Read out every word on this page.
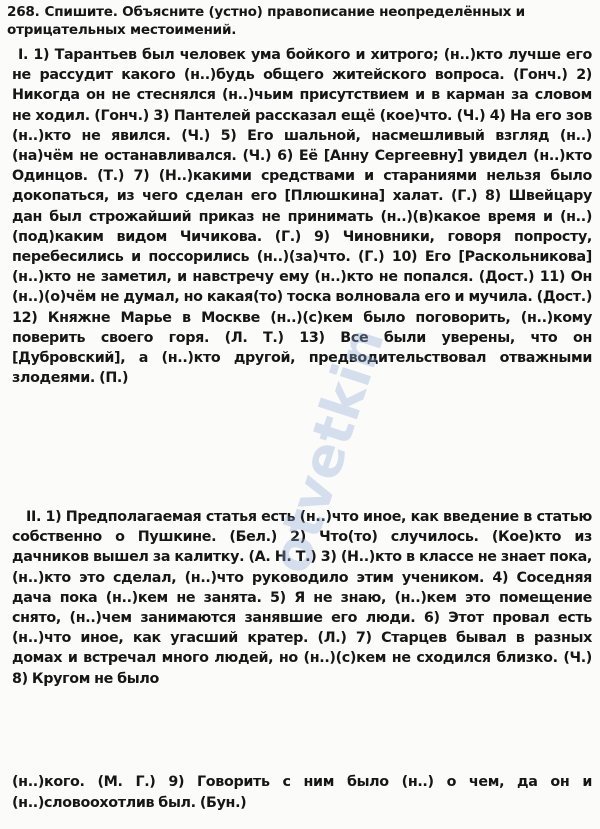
268. Спишите. Объясните (устно) правописание неопределённых и отрицательных местоимений.
I. 1) Тарантьев был человек ума бойкого и хитрого; (н..)кто лучше его не рассудит какого (н..)будь общего житейского вопроса. (Гонч.) 2) Никогда он не стеснялся (н..)чьим присутствием и в карман за словом не ходил. (Гонч.) 3) Пантелей рассказал ещё (кое)что. (Ч.) 4) На его зов (н..)кто не явился. (Ч.) 5) Его шальной, насмешливый взгляд (н..)(на)чём не останавливался. (Ч.) 6) Её [Анну Сергеевну] увидел (н..)кто Одинцов. (Т.) 7) (Н..)какими средствами и стараниями нельзя было докопаться, из чего сделан его [Плюшкина] халат. (Г.) 8) Швейцару дан был строжайший приказ не принимать (н..)(в)какое время и (н..)(под)каким видом Чичикова. (Г.) 9) Чиновники, говоря попросту, перебесились и поссорились (н..)(за)что. (Г.) 10) Его [Раскольникова] (н..)кто не заметил, и навстречу ему (н..)кто не попался. (Дост.) 11) Он (н..)(о)чём не думал, но какая(то) тоска волновала его и мучила. (Дост.) 12) Княжне Марье в Москве (н..)(с)кем было поговорить, (н..)кому поверить своего горя. (Л. Т.) 13) Все были уверены, что он [Дубровский], а (н..)кто другой, предводительствовал отважными злодеями. (П.)
II. 1) Предполагаемая статья есть (н..)что иное, как введение в статью собственно о Пушкине. (Бел.) 2) Что(то) случилось. (Кое)кто из дачников вышел за калитку. (А. Н. Т.) 3) (Н..)кто в классе не знает пока, (н..)кто это сделал, (н..)что руководило этим учеником. 4) Соседняя дача пока (н..)кем не занята. 5) Я не знаю, (н..)кем это помещение снято, (н..)чем занимаются занявшие его люди. 6) Этот провал есть (н..)что иное, как угасший кратер. (Л.) 7) Старцев бывал в разных домах и встречал много людей, но (н..)(с)кем не сходился близко. (Ч.) 8) Кругом не было
(н..)кого. (М. Г.) 9) Говорить с ним было (н..) о чем, да он и (н..)словоохотлив был. (Бун.)
otvetkin
